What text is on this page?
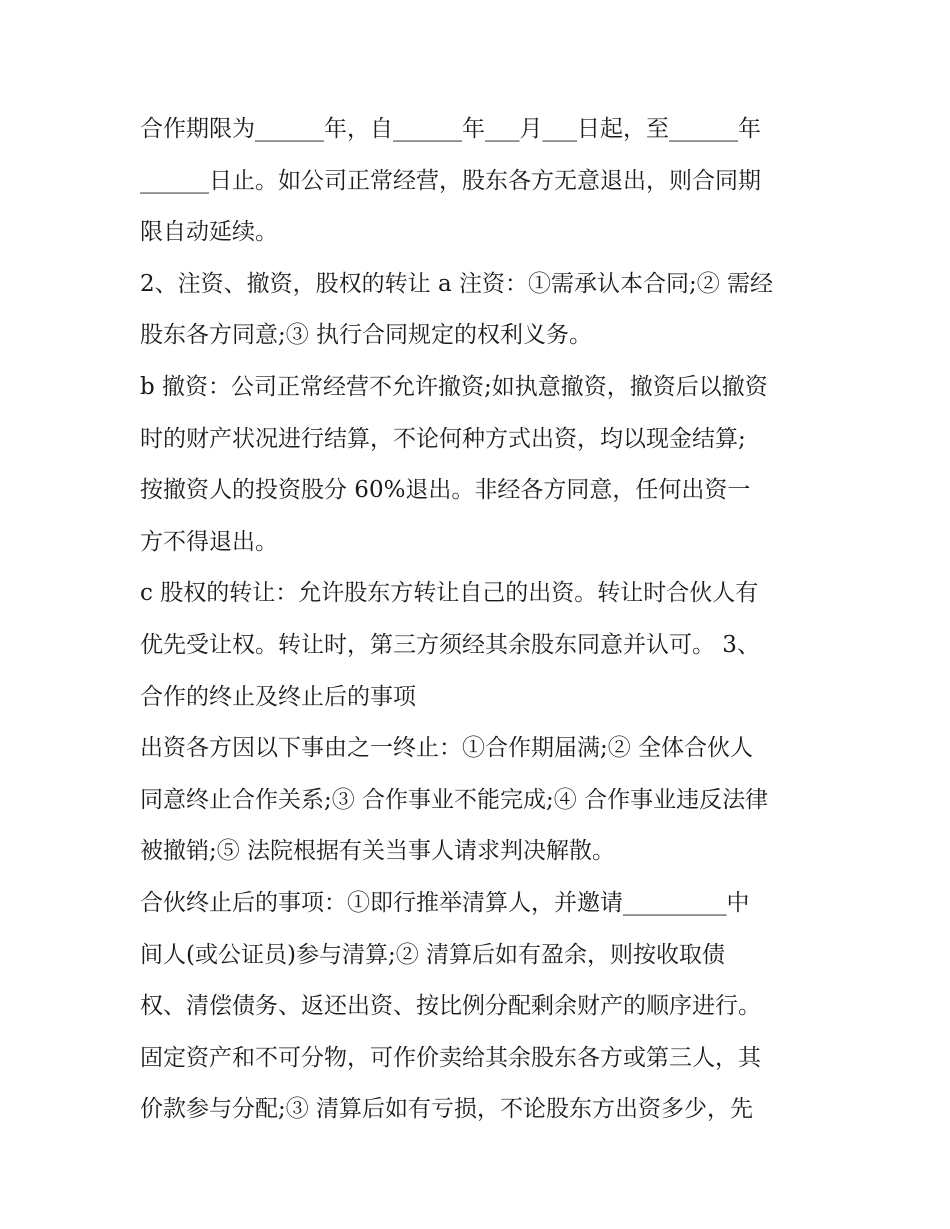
合作期限为______年，自______年___月___日起，至______年
______日止。如公司正常经营，股东各方无意退出，则合同期
限自动延续。
2、注资、撤资，股权的转让 a 注资：①需承认本合同;② 需经
股东各方同意;③ 执行合同规定的权利义务。
b 撤资：公司正常经营不允许撤资;如执意撤资，撤资后以撤资
时的财产状况进行结算，不论何种方式出资，均以现金结算;
按撤资人的投资股分 60%退出。非经各方同意，任何出资一
方不得退出。
c 股权的转让：允许股东方转让自己的出资。转让时合伙人有
优先受让权。转让时，第三方须经其余股东同意并认可。 3、
合作的终止及终止后的事项
出资各方因以下事由之一终止：①合作期届满;② 全体合伙人
同意终止合作关系;③ 合作事业不能完成;④ 合作事业违反法律
被撤销;⑤ 法院根据有关当事人请求判决解散。
合伙终止后的事项：①即行推举清算人，并邀请_________中
间人(或公证员)参与清算;② 清算后如有盈余，则按收取债
权、清偿债务、返还出资、按比例分配剩余财产的顺序进行。
固定资产和不可分物，可作价卖给其余股东各方或第三人，其
价款参与分配;③ 清算后如有亏损，不论股东方出资多少，先
